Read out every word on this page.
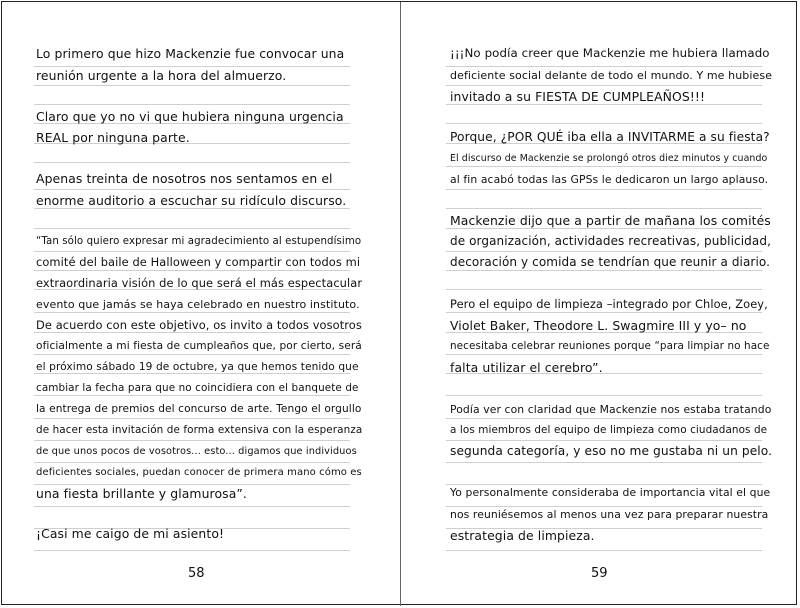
Lo primero que hizo Mackenzie fue convocar una
reunión urgente a la hora del almuerzo.
Claro que yo no vi que hubiera ninguna urgencia
REAL por ninguna parte.
Apenas treinta de nosotros nos sentamos en el
enorme auditorio a escuchar su ridículo discurso.
“Tan sólo quiero expresar mi agradecimiento al estupendísimo
comité del baile de Halloween y compartir con todos mi
extraordinaria visión de lo que será el más espectacular
evento que jamás se haya celebrado en nuestro instituto.
De acuerdo con este objetivo, os invito a todos vosotros
oficialmente a mi fiesta de cumpleaños que, por cierto, será
el próximo sábado 19 de octubre, ya que hemos tenido que
cambiar la fecha para que no coincidiera con el banquete de
la entrega de premios del concurso de arte. Tengo el orgullo
de hacer esta invitación de forma extensiva con la esperanza
de que unos pocos de vosotros... esto... digamos que individuos
deficientes sociales, puedan conocer de primera mano cómo es
una fiesta brillante y glamurosa”.
¡Casi me caigo de mi asiento!
58
¡¡¡No podía creer que Mackenzie me hubiera llamado
deficiente social delante de todo el mundo. Y me hubiese
invitado a su FIESTA DE CUMPLEAÑOS!!!
Porque, ¿POR QUÉ iba ella a INVITARME a su fiesta?
El discurso de Mackenzie se prolongó otros diez minutos y cuando
al fin acabó todas las GPSs le dedicaron un largo aplauso.
Mackenzie dijo que a partir de mañana los comités
de organización, actividades recreativas, publicidad,
decoración y comida se tendrían que reunir a diario.
Pero el equipo de limpieza –integrado por Chloe, Zoey,
Violet Baker, Theodore L. Swagmire III y yo– no
necesitaba celebrar reuniones porque “para limpiar no hace
falta utilizar el cerebro”.
Podía ver con claridad que Mackenzie nos estaba tratando
a los miembros del equipo de limpieza como ciudadanos de
segunda categoría, y eso no me gustaba ni un pelo.
Yo personalmente consideraba de importancia vital el que
nos reuniésemos al menos una vez para preparar nuestra
estrategia de limpieza.
59
